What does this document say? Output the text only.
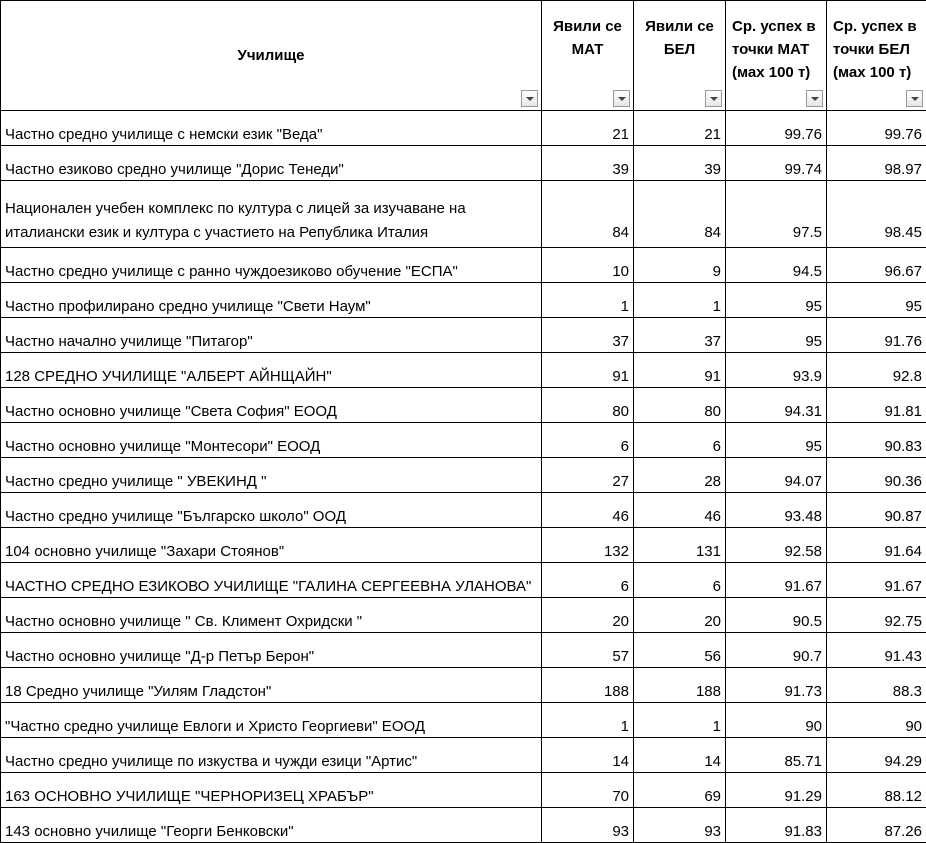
Училище	Явили се МАТ	Явили се БЕЛ	Ср. успех в точки МАТ (мах 100 т)	Ср. успех в точки БЕЛ (мах 100 т)

Частно средно училище с немски език "Веда"	21	21	99.76	99.76
Частно езиково средно училище "Дорис Тенеди"	39	39	99.74	98.97
Национален учебен комплекс по култура с лицей за изучаване на италиански език и култура с участието на Република Италия	84	84	97.5	98.45
Частно средно училище с ранно чуждоезиково обучение "ЕСПА"	10	9	94.5	96.67
Частно профилирано средно училище "Свети Наум"	1	1	95	95
Частно начално училище "Питагор"	37	37	95	91.76
128 СРЕДНО УЧИЛИЩЕ "АЛБЕРТ АЙНЩАЙН"	91	91	93.9	92.8
Частно основно училище "Света София" ЕООД	80	80	94.31	91.81
Частно основно училище "Монтесори" ЕООД	6	6	95	90.83
Частно средно училище " УВЕКИНД "	27	28	94.07	90.36
Частно средно училище "Българско школо" ООД	46	46	93.48	90.87
104 основно училище "Захари Стоянов"	132	131	92.58	91.64
ЧАСТНО СРЕДНО ЕЗИКОВО УЧИЛИЩЕ "ГАЛИНА СЕРГЕЕВНА УЛАНОВА"	6	6	91.67	91.67
Частно основно училище " Св. Климент Охридски "	20	20	90.5	92.75
Частно основно училище "Д-р Петър Берон"	57	56	90.7	91.43
18 Средно училище "Уилям Гладстон"	188	188	91.73	88.3
"Частно средно училище Евлоги и Христо Георгиеви" ЕООД	1	1	90	90
Частно средно училище по изкуства и чужди езици "Артис"	14	14	85.71	94.29
163 ОСНОВНО УЧИЛИЩЕ "ЧЕРНОРИЗЕЦ ХРАБЪР"	70	69	91.29	88.12
143 основно училище "Георги Бенковски"	93	93	91.83	87.26
